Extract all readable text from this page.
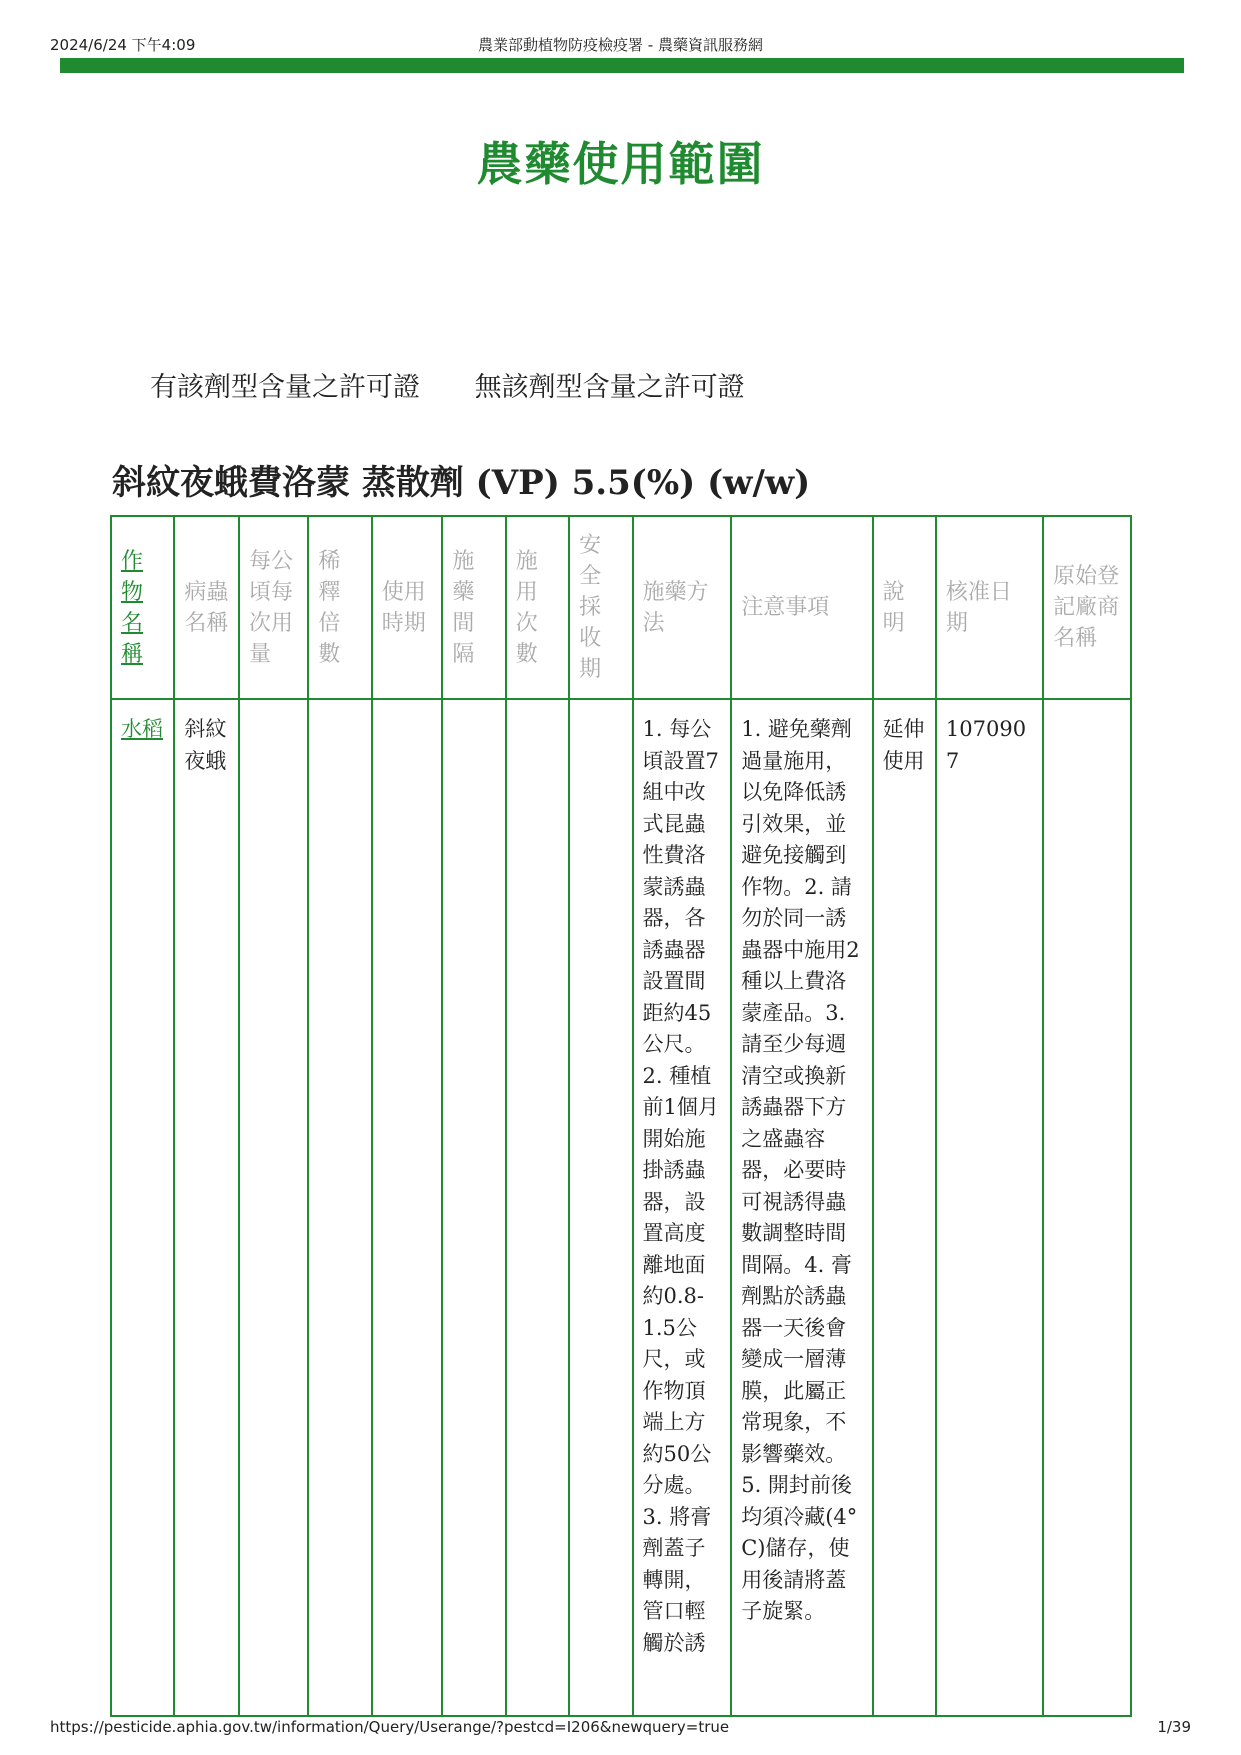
2024/6/24 下午4:09	農業部動植物防疫檢疫署 - 農藥資訊服務網
農藥使用範圍
有該劑型含量之許可證 無該劑型含量之許可證
斜紋夜蛾費洛蒙 蒸散劑 (VP) 5.5(%) (w/w)
作物名稱	病蟲名稱	每公頃每次用量	稀釋倍數	使用時期	施藥間隔	施用次數	安全採收期	施藥方法	注意事項	說明	核准日期	原始登記廠商名稱

水稻	斜紋夜蛾							1. 每公頃設置7組中改式昆蟲性費洛蒙誘蟲器，各誘蟲器設置間距約45公尺。2. 種植前1個月開始施掛誘蟲器，設置高度離地面約0.8-1.5公尺，或作物頂端上方約50公分處。3. 將膏劑蓋子轉開，管口輕觸於誘	1. 避免藥劑過量施用，以免降低誘引效果，並避免接觸到作物。2. 請勿於同一誘蟲器中施用2種以上費洛蒙產品。3. 請至少每週清空或換新誘蟲器下方之盛蟲容器，必要時可視誘得蟲數調整時間間隔。4. 膏劑點於誘蟲器一天後會變成一層薄膜，此屬正常現象，不影響藥效。5. 開封前後均須冷藏(4°C)儲存，使用後請將蓋子旋緊。	延伸使用	1070907	

https://pesticide.aphia.gov.tw/information/Query/Userange/?pestcd=I206&newquery=true	1/39
